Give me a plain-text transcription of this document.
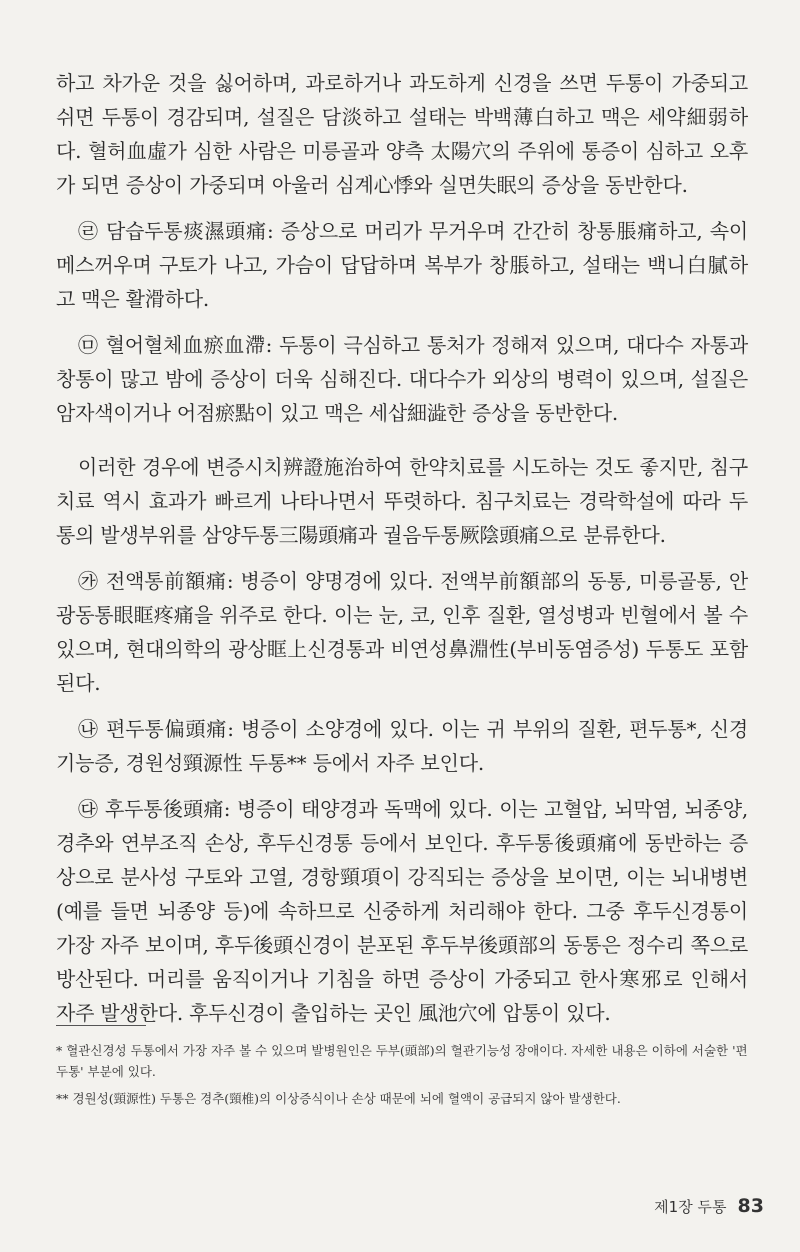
하고 차가운 것을 싫어하며, 과로하거나 과도하게 신경을 쓰면 두통이 가중되고 쉬면 두통이 경감되며, 설질은 담淡하고 설태는 박백薄白하고 맥은 세약細弱하다. 혈허血虛가 심한 사람은 미릉골과 양측 太陽穴의 주위에 통증이 심하고 오후가 되면 증상이 가중되며 아울러 심계心悸와 실면失眠의 증상을 동반한다.

㉣ 담습두통痰濕頭痛: 증상으로 머리가 무거우며 간간히 창통脹痛하고, 속이 메스꺼우며 구토가 나고, 가슴이 답답하며 복부가 창脹하고, 설태는 백니白膩하고 맥은 활滑하다.

㉤ 혈어혈체血瘀血滯: 두통이 극심하고 통처가 정해져 있으며, 대다수 자통과 창통이 많고 밤에 증상이 더욱 심해진다. 대다수가 외상의 병력이 있으며, 설질은 암자색이거나 어점瘀點이 있고 맥은 세삽細澁한 증상을 동반한다.

이러한 경우에 변증시치辨證施治하여 한약치료를 시도하는 것도 좋지만, 침구치료 역시 효과가 빠르게 나타나면서 뚜렷하다. 침구치료는 경락학설에 따라 두통의 발생부위를 삼양두통三陽頭痛과 궐음두통厥陰頭痛으로 분류한다.

㉮ 전액통前額痛: 병증이 양명경에 있다. 전액부前額部의 동통, 미릉골통, 안광동통眼眶疼痛을 위주로 한다. 이는 눈, 코, 인후 질환, 열성병과 빈혈에서 볼 수 있으며, 현대의학의 광상眶上신경통과 비연성鼻淵性(부비동염증성) 두통도 포함된다.

㉯ 편두통偏頭痛: 병증이 소양경에 있다. 이는 귀 부위의 질환, 편두통*, 신경기능증, 경원성頸源性 두통** 등에서 자주 보인다.

㉰ 후두통後頭痛: 병증이 태양경과 독맥에 있다. 이는 고혈압, 뇌막염, 뇌종양, 경추와 연부조직 손상, 후두신경통 등에서 보인다. 후두통後頭痛에 동반하는 증상으로 분사성 구토와 고열, 경항頸項이 강직되는 증상을 보이면, 이는 뇌내병변(예를 들면 뇌종양 등)에 속하므로 신중하게 처리해야 한다. 그중 후두신경통이 가장 자주 보이며, 후두後頭신경이 분포된 후두부後頭部의 동통은 정수리 쪽으로 방산된다. 머리를 움직이거나 기침을 하면 증상이 가중되고 한사寒邪로 인해서 자주 발생한다. 후두신경이 출입하는 곳인 風池穴에 압통이 있다.

* 혈관신경성 두통에서 가장 자주 볼 수 있으며 발병원인은 두부(頭部)의 혈관기능성 장애이다. 자세한 내용은 이하에 서술한 '편두통' 부분에 있다.

** 경원성(頸源性) 두통은 경추(頸椎)의 이상증식이나 손상 때문에 뇌에 혈액이 공급되지 않아 발생한다.

제1장 두통 83
